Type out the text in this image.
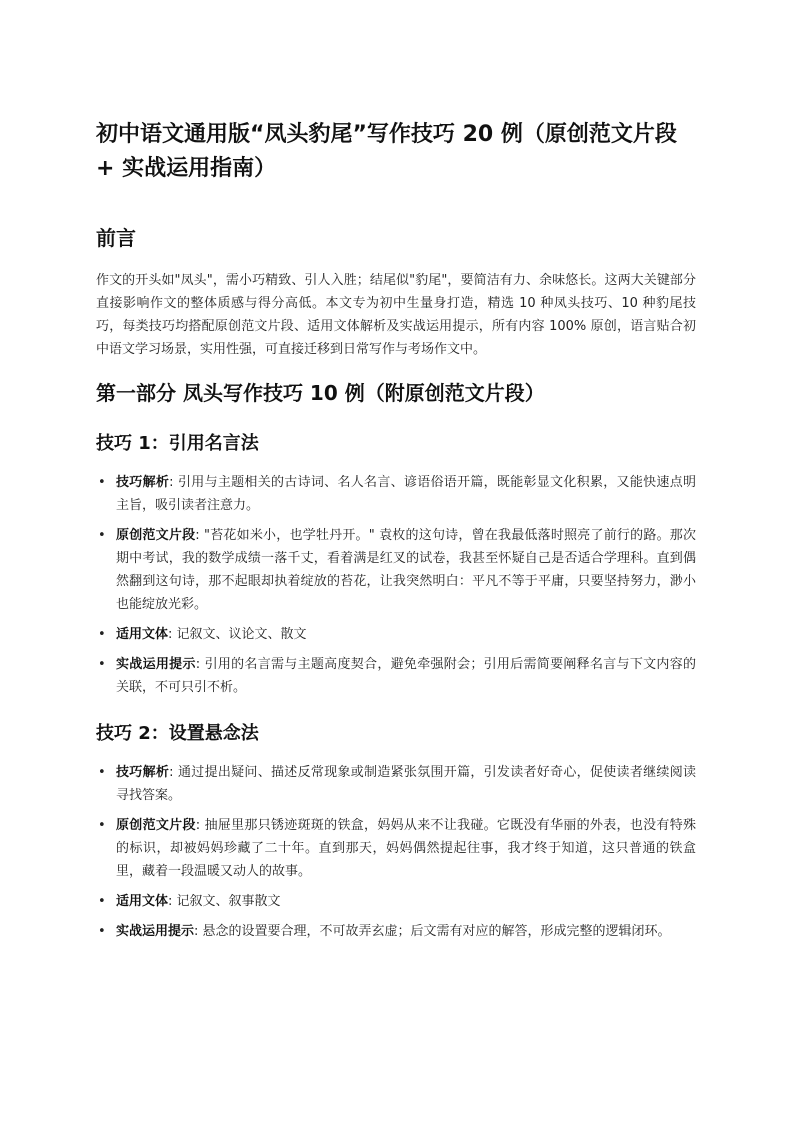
初中语文通用版“凤头豹尾”写作技巧 20 例（原创范文片段 + 实战运用指南）
前言

作文的开头如"凤头"，需小巧精致、引人入胜；结尾似"豹尾"，要简洁有力、余味悠长。这两大关键部分直接影响作文的整体质感与得分高低。本文专为初中生量身打造，精选 10 种凤头技巧、10 种豹尾技巧，每类技巧均搭配原创范文片段、适用文体解析及实战运用提示，所有内容 100% 原创，语言贴合初中语文学习场景，实用性强，可直接迁移到日常写作与考场作文中。

第一部分 凤头写作技巧 10 例（附原创范文片段）
技巧 1：引用名言法
• 技巧解析: 引用与主题相关的古诗词、名人名言、谚语俗语开篇，既能彰显文化积累，又能快速点明主旨，吸引读者注意力。
• 原创范文片段: "苔花如米小，也学牡丹开。" 袁枚的这句诗，曾在我最低落时照亮了前行的路。那次期中考试，我的数学成绩一落千丈，看着满是红叉的试卷，我甚至怀疑自己是否适合学理科。直到偶然翻到这句诗，那不起眼却执着绽放的苔花，让我突然明白：平凡不等于平庸，只要坚持努力，渺小也能绽放光彩。
• 适用文体: 记叙文、议论文、散文
• 实战运用提示: 引用的名言需与主题高度契合，避免牵强附会；引用后需简要阐释名言与下文内容的关联，不可只引不析。
技巧 2：设置悬念法
• 技巧解析: 通过提出疑问、描述反常现象或制造紧张氛围开篇，引发读者好奇心，促使读者继续阅读寻找答案。
• 原创范文片段: 抽屉里那只锈迹斑斑的铁盒，妈妈从来不让我碰。它既没有华丽的外表，也没有特殊的标识，却被妈妈珍藏了二十年。直到那天，妈妈偶然提起往事，我才终于知道，这只普通的铁盒里，藏着一段温暖又动人的故事。
• 适用文体: 记叙文、叙事散文
• 实战运用提示: 悬念的设置要合理，不可故弄玄虚；后文需有对应的解答，形成完整的逻辑闭环。
